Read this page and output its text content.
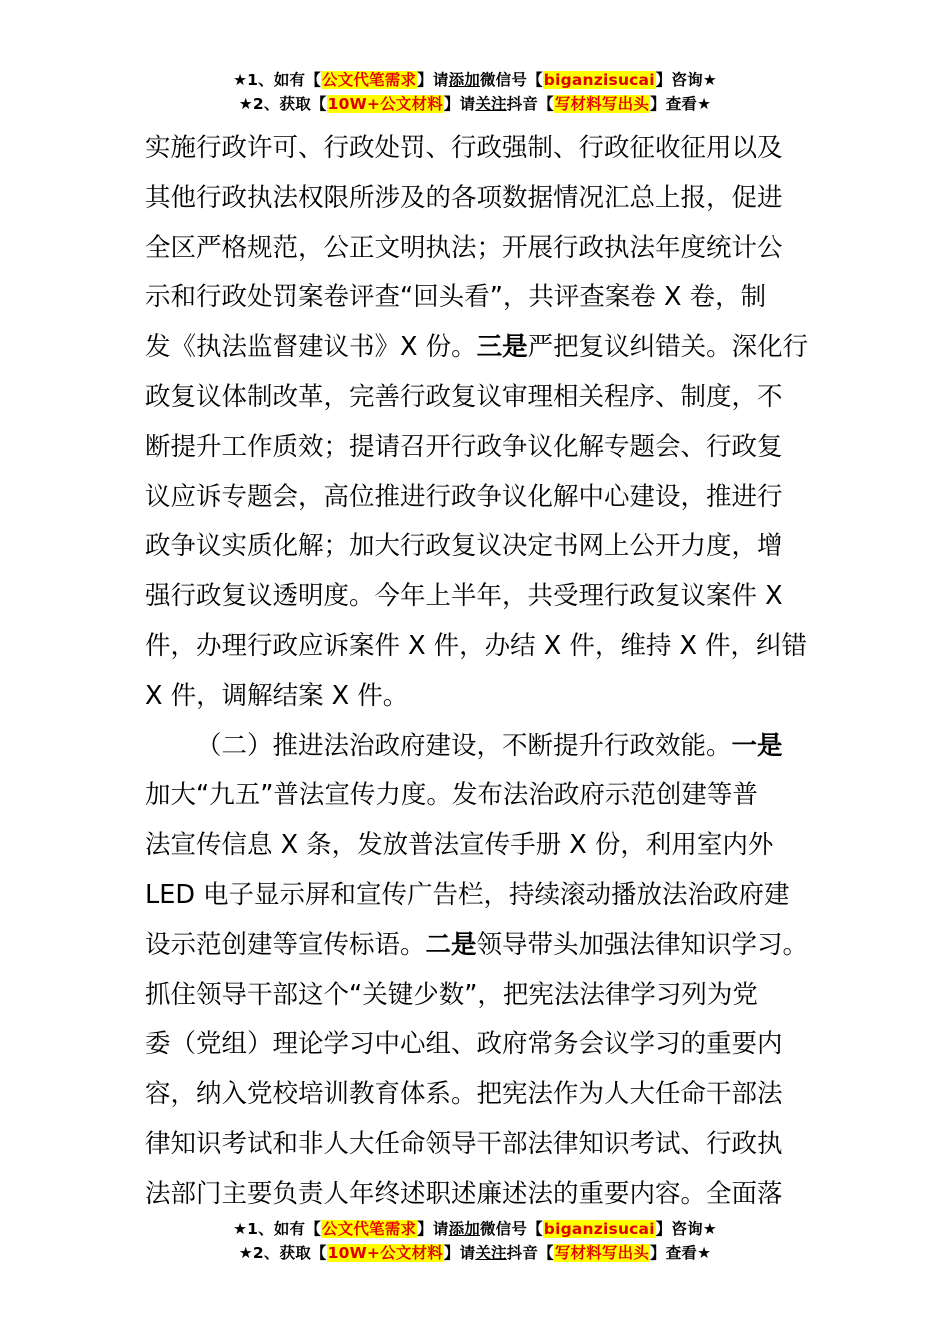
★1、如有【公文代笔需求】请添加微信号【biganzisucai】咨询★
★2、获取【10W+公文材料】请关注抖音【写材料写出头】查看★
实施行政许可、行政处罚、行政强制、行政征收征用以及
其他行政执法权限所涉及的各项数据情况汇总上报，促进
全区严格规范，公正文明执法；开展行政执法年度统计公
示和行政处罚案卷评查“回头看”，共评查案卷 X 卷，制
发《执法监督建议书》X 份。三是严把复议纠错关。深化行
政复议体制改革，完善行政复议审理相关程序、制度，不
断提升工作质效；提请召开行政争议化解专题会、行政复
议应诉专题会，高位推进行政争议化解中心建设，推进行
政争议实质化解；加大行政复议决定书网上公开力度，增
强行政复议透明度。今年上半年，共受理行政复议案件 X
件，办理行政应诉案件 X 件，办结 X 件，维持 X 件，纠错
X 件，调解结案 X 件。
（二）推进法治政府建设，不断提升行政效能。一是
加大“九五”普法宣传力度。发布法治政府示范创建等普
法宣传信息 X 条，发放普法宣传手册 X 份，利用室内外
LED 电子显示屏和宣传广告栏，持续滚动播放法治政府建
设示范创建等宣传标语。二是领导带头加强法律知识学习。
抓住领导干部这个“关键少数”，把宪法法律学习列为党
委（党组）理论学习中心组、政府常务会议学习的重要内
容，纳入党校培训教育体系。把宪法作为人大任命干部法
律知识考试和非人大任命领导干部法律知识考试、行政执
法部门主要负责人年终述职述廉述法的重要内容。全面落
★1、如有【公文代笔需求】请添加微信号【biganzisucai】咨询★
★2、获取【10W+公文材料】请关注抖音【写材料写出头】查看★
